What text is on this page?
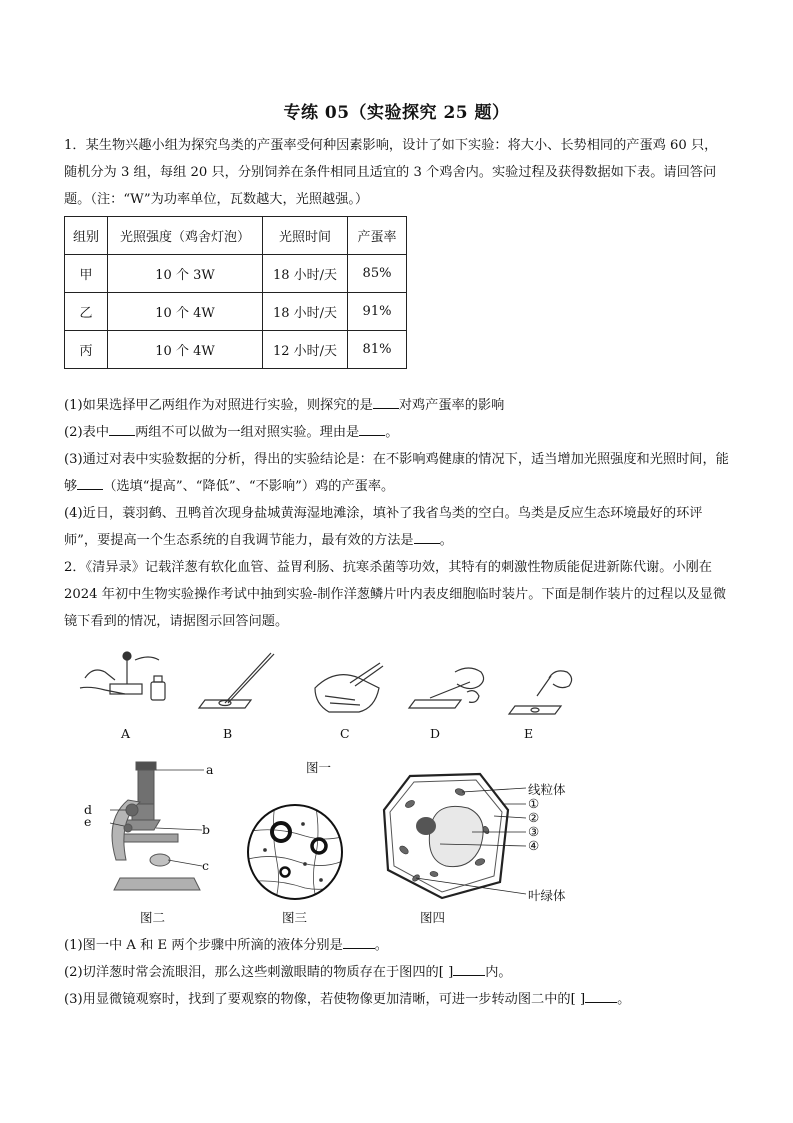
专练 05（实验探究 25 题）

1．某生物兴趣小组为探究鸟类的产蛋率受何种因素影响，设计了如下实验：将大小、长势相同的产蛋鸡 60 只，随机分为 3 组，每组 20 只，分别饲养在条件相同且适宜的 3 个鸡舍内。实验过程及获得数据如下表。请回答问题。（注：“W”为功率单位，瓦数越大，光照越强。）

组别	光照强度（鸡舍灯泡）	光照时间	产蛋率
甲	10 个 3W	18 小时/天	85%
乙	10 个 4W	18 小时/天	91%
丙	10 个 4W	12 小时/天	81%

(1)如果选择甲乙两组作为对照进行实验，则探究的是 对鸡产蛋率的影响

(2)表中 两组不可以做为一组对照实验。理由是 。

(3)通过对表中实验数据的分析，得出的实验结论是：在不影响鸡健康的情况下，适当增加光照强度和光照时间，能够 （选填“提高”、“降低”、“不影响”）鸡的产蛋率。

(4)近日，蓑羽鹤、丑鸭首次现身盐城黄海湿地滩涂，填补了我省鸟类的空白。鸟类是反应生态环境最好的环评师”，要提高一个生态系统的自我调节能力，最有效的方法是 。

2．《清异录》记载洋葱有软化血管、益胃利肠、抗寒杀菌等功效，其特有的刺激性物质能促进新陈代谢。小刚在 2024 年初中生物实验操作考试中抽到实验-制作洋葱鳞片叶内表皮细胞临时装片。下面是制作装片的过程以及显微镜下看到的情况，请据图示回答问题。

A	B	C	D	E
图一
a
b
c
d
e
图二	图三
线粒体
①
②
③
④
叶绿体
图四

(1)图一中 A 和 E 两个步骤中所滴的液体分别是 。

(2)切洋葱时常会流眼泪，那么这些刺激眼睛的物质存在于图四的[ ] 内。

(3)用显微镜观察时，找到了要观察的物像，若使物像更加清晰，可进一步转动图二中的[ ] 。
